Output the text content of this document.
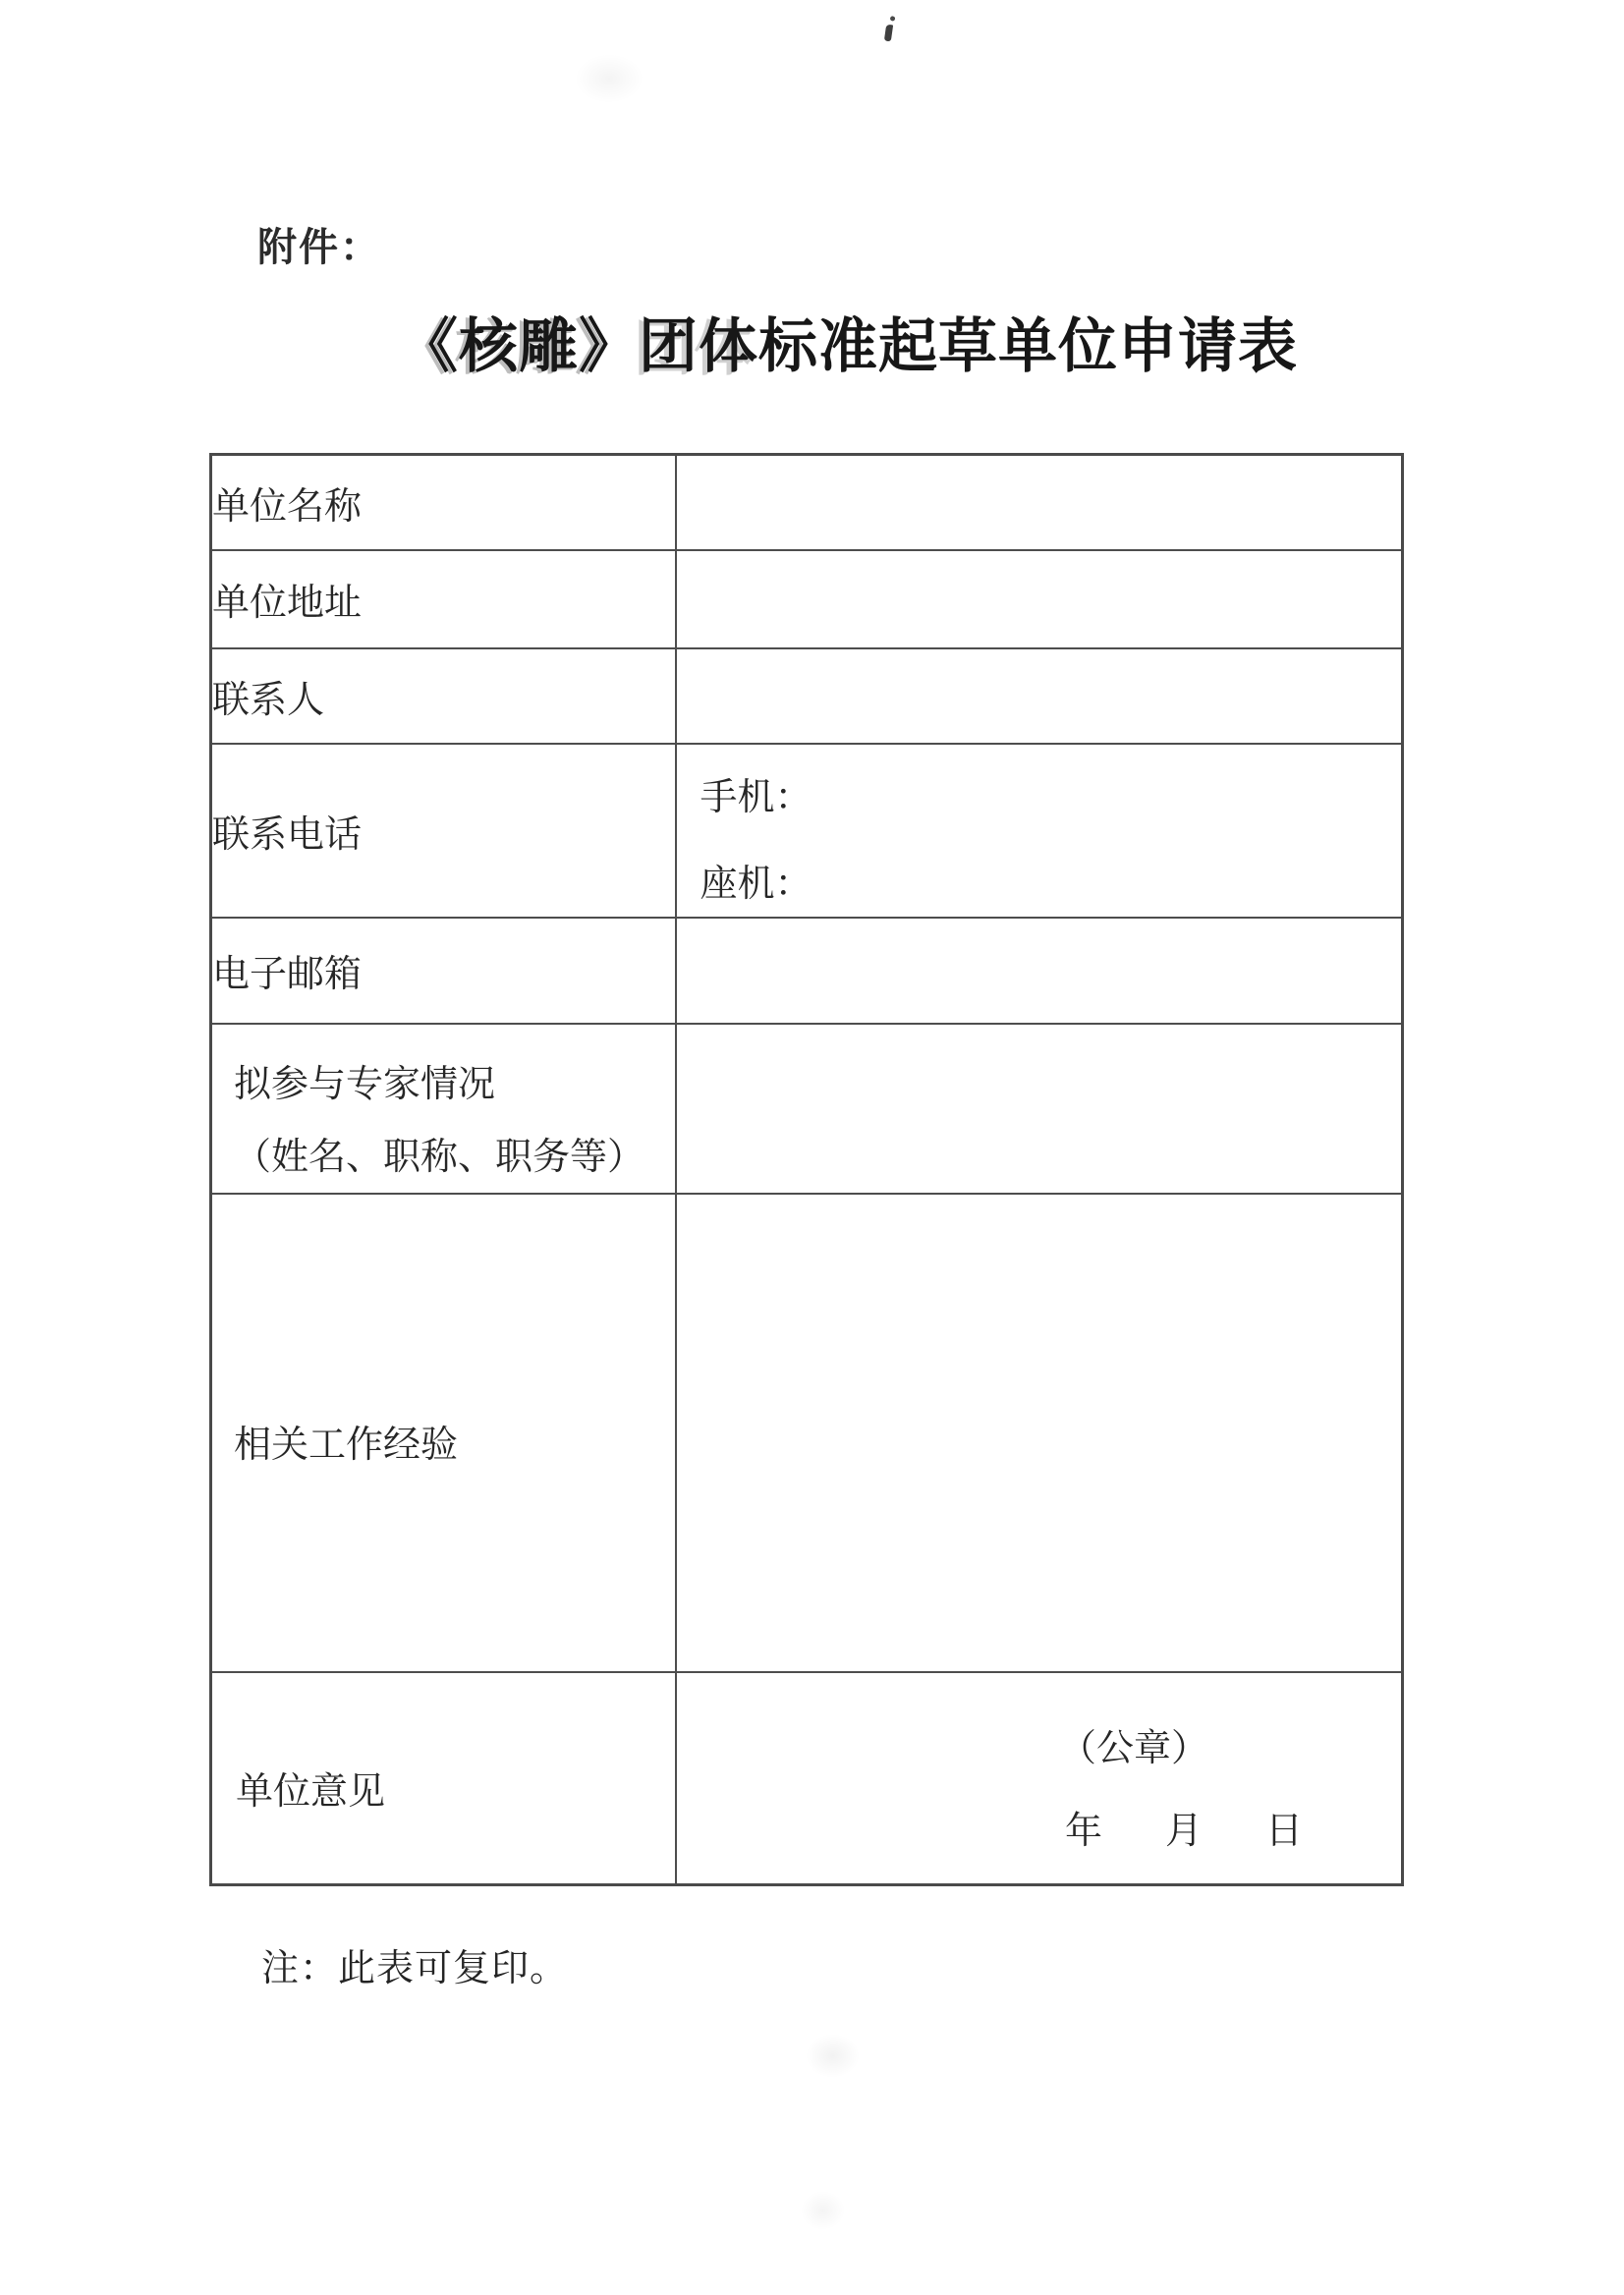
附件：
《核雕》团体标准起草单位申请表
单位名称	
单位地址	
联系人	
联系电话	手机：
座机：

电子邮箱	

拟参与专家情况
（姓名、职称、职务等）	

相关工作经验	

单位意见	（公章）
年 月 日
注：此表可复印。
